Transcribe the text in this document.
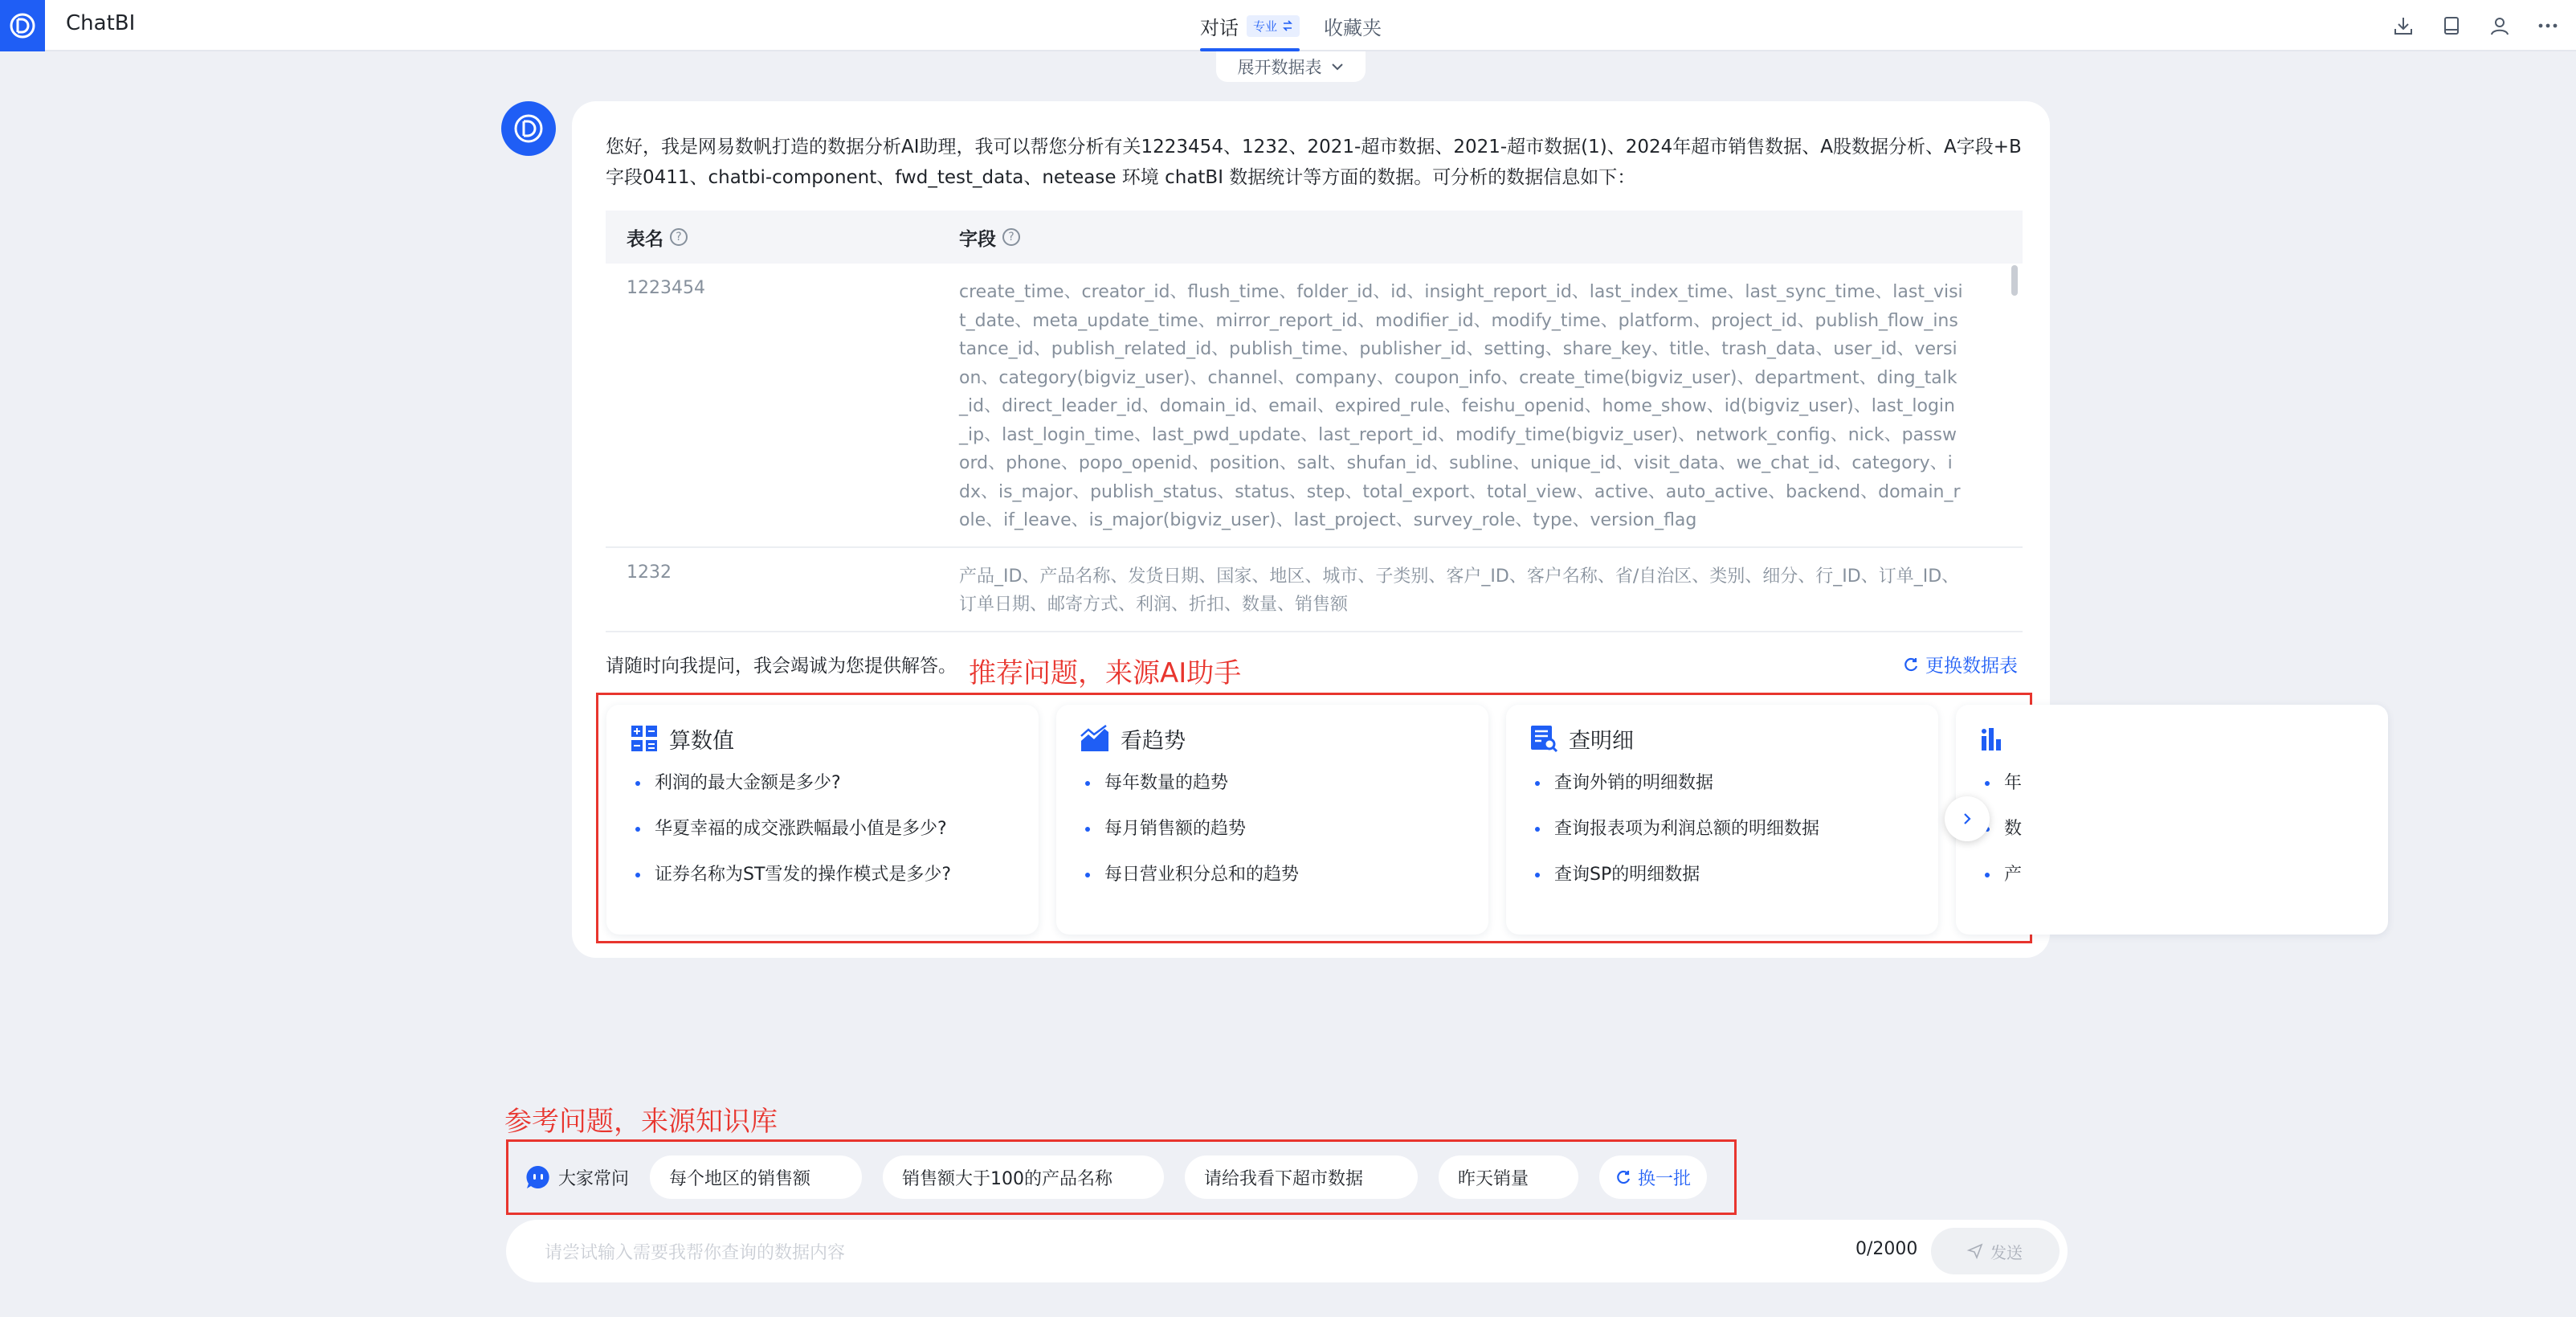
ChatBI	对话 专业 收藏夹
展开数据表
您好，我是网易数帆打造的数据分析AI助理，我可以帮您分析有关1223454、1232、2021-超市数据、2021-超市数据(1)、2024年超市销售数据、A股数据分析、A字段+B字段0411、chatbi-component、fwd_test_data、netease 环境 chatBI 数据统计等方面的数据。可分析的数据信息如下：
表名	?	字段	?
1223454	create_time、creator_id、flush_time、folder_id、id、insight_report_id、last_index_time、last_sync_time、last_visit_date、meta_update_time、mirror_report_id、modifier_id、modify_time、platform、project_id、publish_flow_instance_id、publish_related_id、publish_time、publisher_id、setting、share_key、title、trash_data、user_id、version、category(bigviz_user)、channel、company、coupon_info、create_time(bigviz_user)、department、ding_talk_id、direct_leader_id、domain_id、email、expired_rule、feishu_openid、home_show、id(bigviz_user)、last_login_ip、last_login_time、last_pwd_update、last_report_id、modify_time(bigviz_user)、network_config、nick、password、phone、popo_openid、position、salt、shufan_id、subline、unique_id、visit_data、we_chat_id、category、idx、is_major、publish_status、status、step、total_export、total_view、active、auto_active、backend、domain_role、if_leave、is_major(bigviz_user)、last_project、survey_role、type、version_flag
1232	产品_ID、产品名称、发货日期、国家、地区、城市、子类别、客户_ID、客户名称、省/自治区、类别、细分、行_ID、订单_ID、订单日期、邮寄方式、利润、折扣、数量、销售额
请随时向我提问，我会竭诚为您提供解答。	更换数据表
推荐问题，来源AI助手
算数值
利润的最大金额是多少?
华夏幸福的成交涨跌幅最小值是多少?
证券名称为ST雪发的操作模式是多少?
看趋势
每年数量的趋势
每月销售额的趋势
每日营业积分总和的趋势
查明细
查询外销的明细数据
查询报表项为利润总额的明细数据
查询SP的明细数据
年
数
产
参考问题，来源知识库
大家常问	每个地区的销售额	销售额大于100的产品名称	请给我看下超市数据	昨天销量	换一批
请尝试输入需要我帮你查询的数据内容	0/2000	发送
